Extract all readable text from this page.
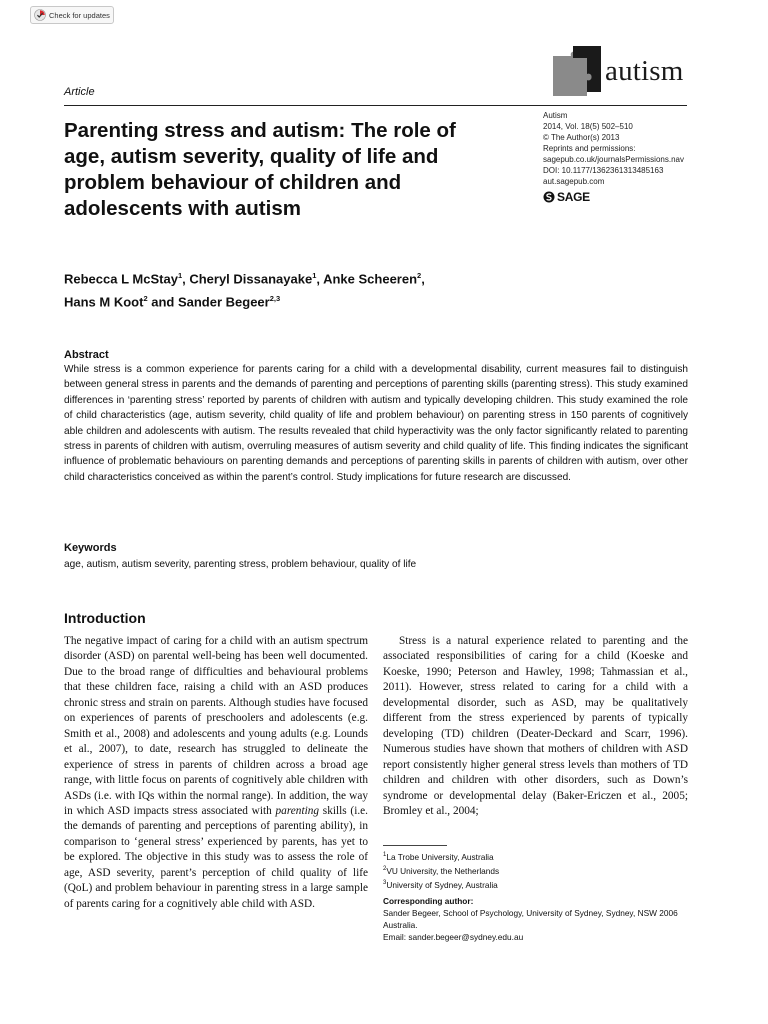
Check for updates
autism
Article
Parenting stress and autism: The role of age, autism severity, quality of life and problem behaviour of children and adolescents with autism
Autism
2014, Vol. 18(5) 502–510
© The Author(s) 2013
Reprints and permissions:
sagepub.co.uk/journalsPermissions.nav
DOI: 10.1177/1362361313485163
aut.sagepub.com
SAGE
Rebecca L McStay$^1$, Cheryl Dissanayake$^1$, Anke Scheeren$^2$,
Hans M Koot$^2$ and Sander Begeer$^{2,3}$
Abstract

While stress is a common experience for parents caring for a child with a developmental disability, current measures fail to distinguish between general stress in parents and the demands of parenting and perceptions of parenting skills (parenting stress). This study examined differences in ‘parenting stress’ reported by parents of children with autism and typically developing children. This study examined the role of child characteristics (age, autism severity, child quality of life and problem behaviour) on parenting stress in 150 parents of cognitively able children and adolescents with autism. The results revealed that child hyperactivity was the only factor significantly related to parenting stress in parents of children with autism, overruling measures of autism severity and child quality of life. This finding indicates the significant influence of problematic behaviours on parenting demands and perceptions of parenting skills in parents of children with autism, over other child characteristics conceived as within the parent’s control. Study implications for future research are discussed.

Keywords
age, autism, autism severity, parenting stress, problem behaviour, quality of life
Introduction

The negative impact of caring for a child with an autism spectrum disorder (ASD) on parental well-being has been well documented. Due to the broad range of difficulties and behavioural problems that these children face, raising a child with an ASD produces chronic stress and strain on parents. Although studies have focused on experiences of parents of preschoolers and adolescents (e.g. Smith et al., 2008) and adolescents and young adults (e.g. Lounds et al., 2007), to date, research has struggled to delineate the experience of stress in parents of children across a broad age range, with little focus on parents of cognitively able children with ASDs (i.e. with IQs within the normal range). In addition, the way in which ASD impacts stress associated with parenting skills (i.e. the demands of parenting and perceptions of parenting ability), in comparison to ‘general stress’ experienced by parents, has yet to be explored. The objective in this study was to assess the role of age, ASD severity, parent’s perception of child quality of life (QoL) and problem behaviour in parenting stress in a large sample of parents caring for a cognitively able child with ASD.

Stress is a natural experience related to parenting and the associated responsibilities of caring for a child (Koeske and Koeske, 1990; Peterson and Hawley, 1998; Tahmassian et al., 2011). However, stress related to caring for a child with a developmental disorder, such as ASD, may be qualitatively different from the stress experienced by parents of typically developing (TD) children (Deater-Deckard and Scarr, 1996). Numerous studies have shown that mothers of children with ASD report consistently higher general stress levels than mothers of TD children and children with other disorders, such as Down’s syndrome or developmental delay (Baker-Ericzen et al., 2005; Bromley et al., 2004;

$^1$La Trobe University, Australia
$^2$VU University, the Netherlands
$^3$University of Sydney, Australia
Corresponding author:
Sander Begeer, School of Psychology, University of Sydney, Sydney, NSW 2006 Australia.
Email: sander.begeer@sydney.edu.au
